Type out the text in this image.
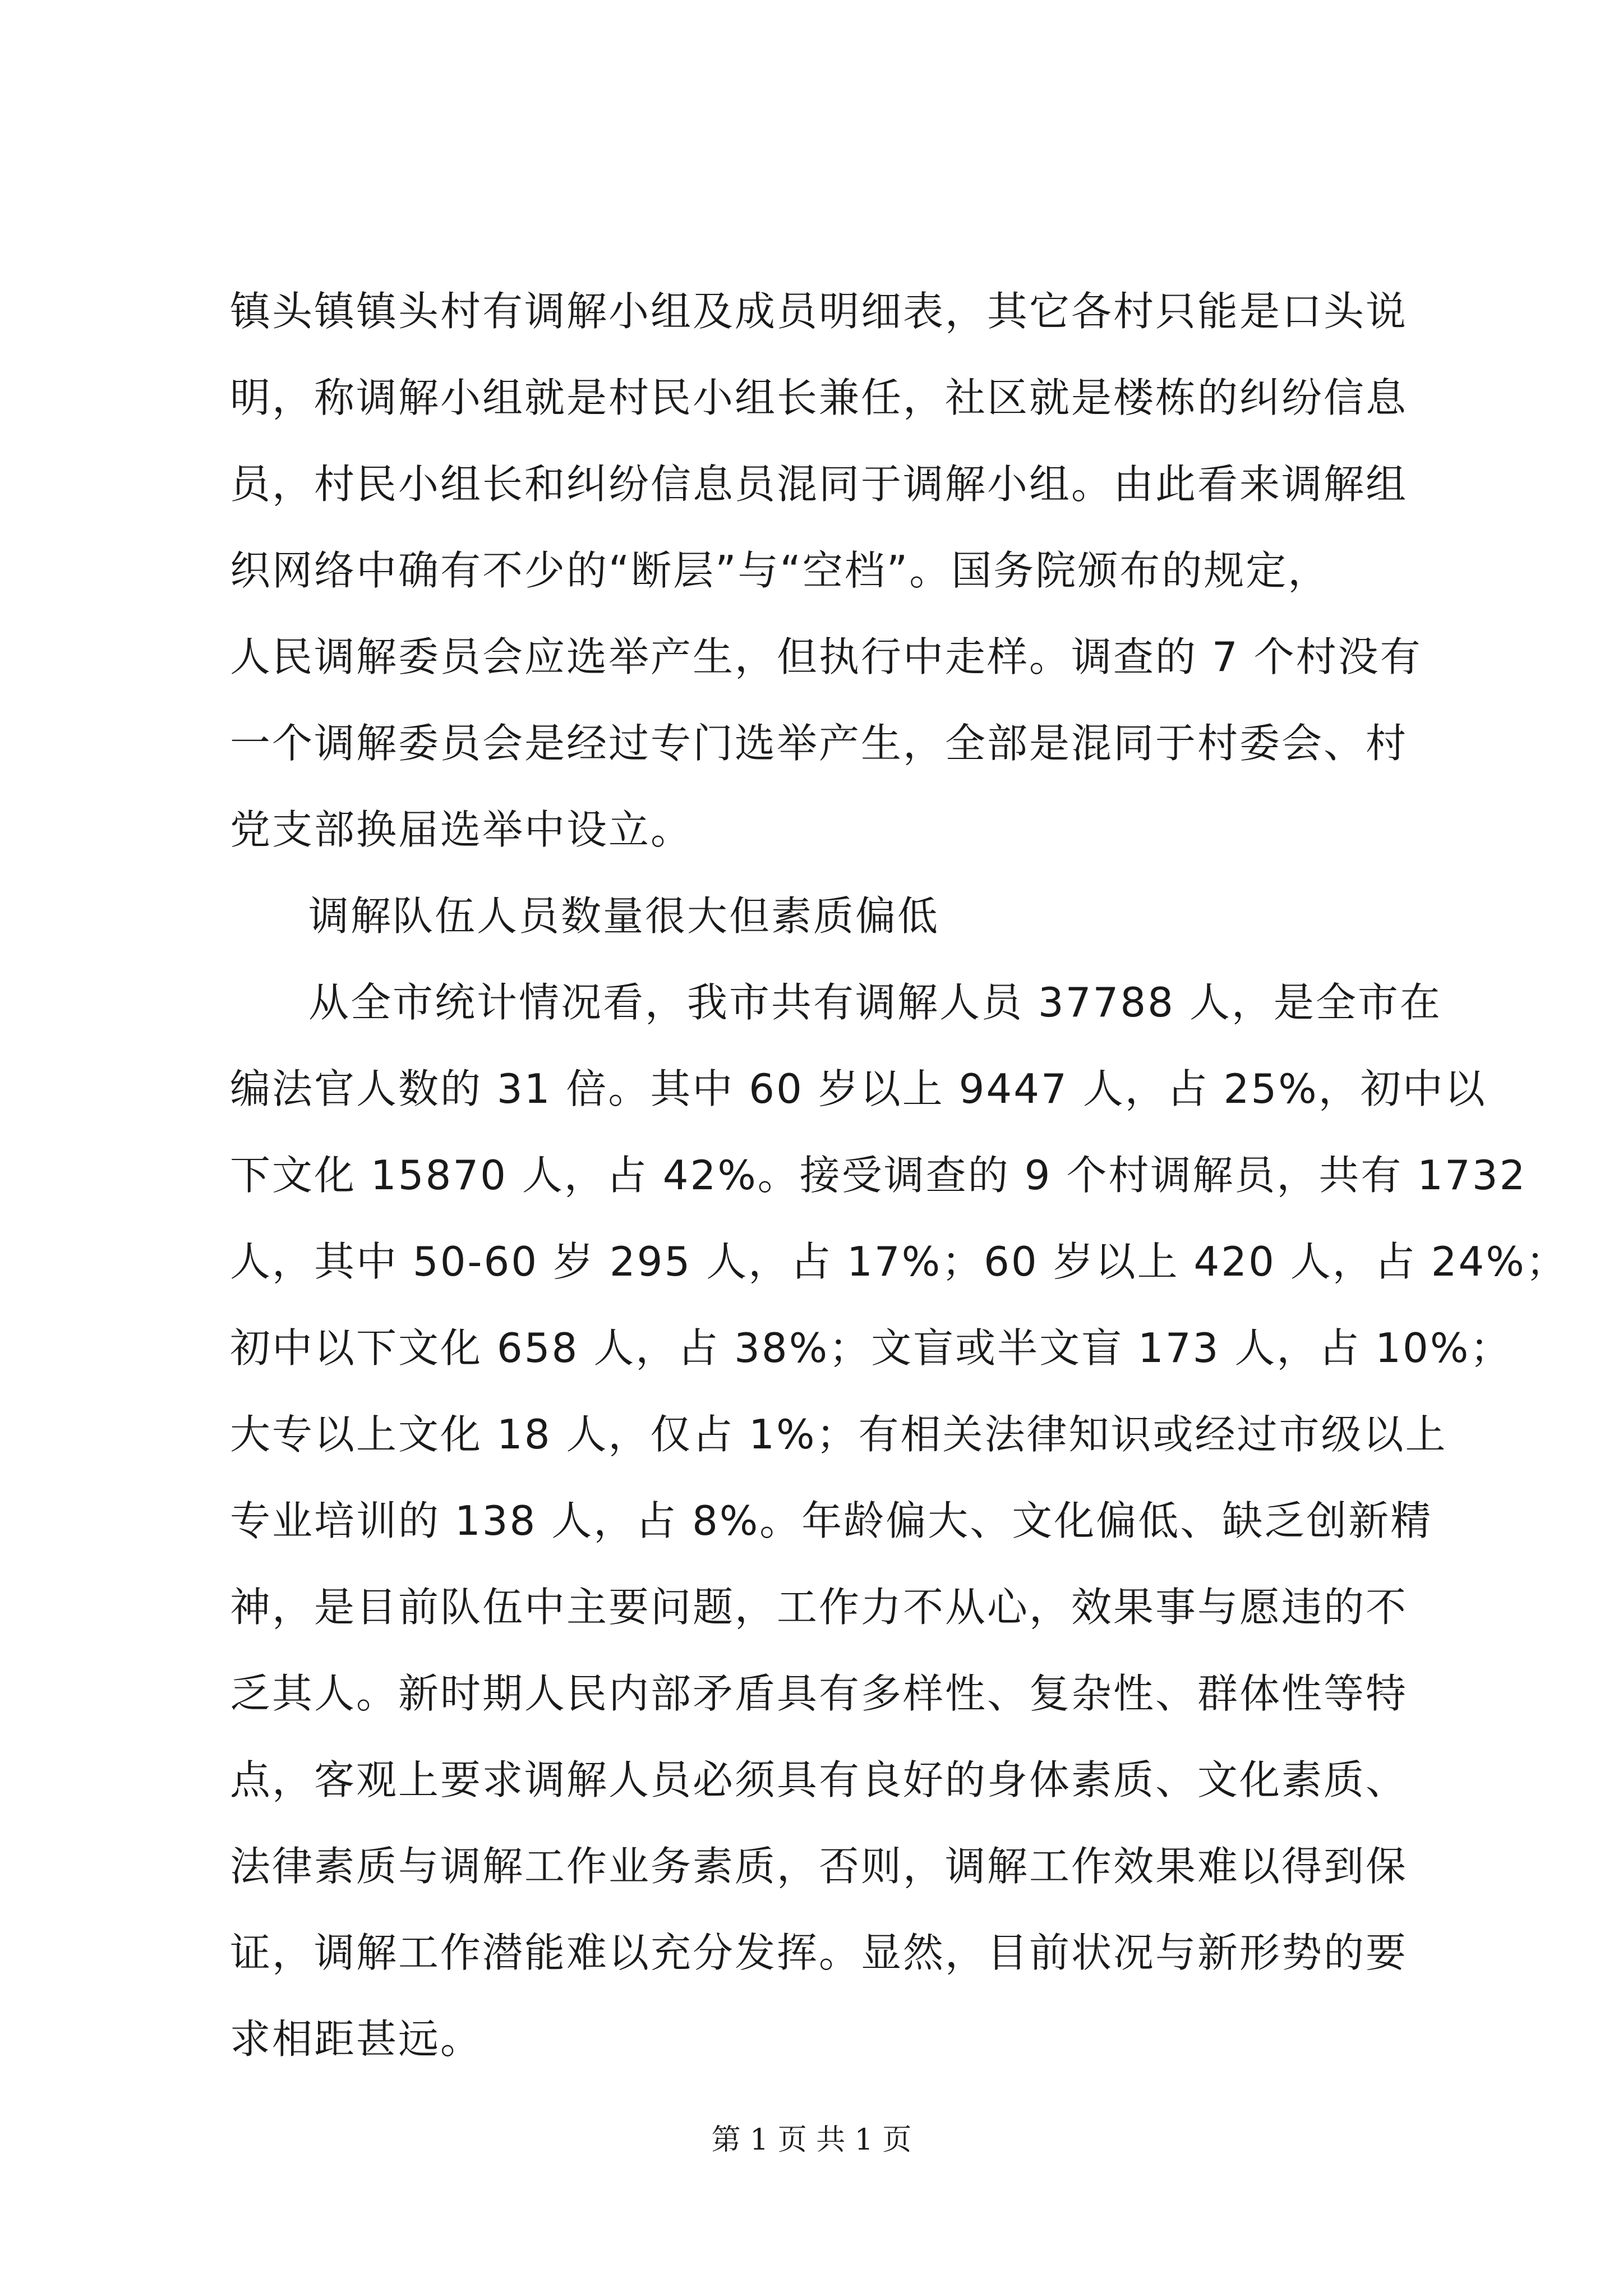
镇头镇镇头村有调解小组及成员明细表，其它各村只能是口头说
明，称调解小组就是村民小组长兼任，社区就是楼栋的纠纷信息
员，村民小组长和纠纷信息员混同于调解小组。由此看来调解组
织网络中确有不少的“断层”与“空档”。国务院颁布的规定，
人民调解委员会应选举产生，但执行中走样。调查的 7 个村没有
一个调解委员会是经过专门选举产生，全部是混同于村委会、村
党支部换届选举中设立。
调解队伍人员数量很大但素质偏低
从全市统计情况看，我市共有调解人员 37788 人，是全市在
编法官人数的 31 倍。其中 60 岁以上 9447 人，占 25%，初中以
下文化 15870 人，占 42%。接受调查的 9 个村调解员，共有 1732
人，其中 50-60 岁 295 人，占 17%；60 岁以上 420 人，占 24%；
初中以下文化 658 人，占 38%；文盲或半文盲 173 人，占 10%；
大专以上文化 18 人，仅占 1%；有相关法律知识或经过市级以上
专业培训的 138 人，占 8%。年龄偏大、文化偏低、缺乏创新精
神，是目前队伍中主要问题，工作力不从心，效果事与愿违的不
乏其人。新时期人民内部矛盾具有多样性、复杂性、群体性等特
点，客观上要求调解人员必须具有良好的身体素质、文化素质、
法律素质与调解工作业务素质，否则，调解工作效果难以得到保
证，调解工作潜能难以充分发挥。显然，目前状况与新形势的要
求相距甚远。
第 1 页 共 1 页
